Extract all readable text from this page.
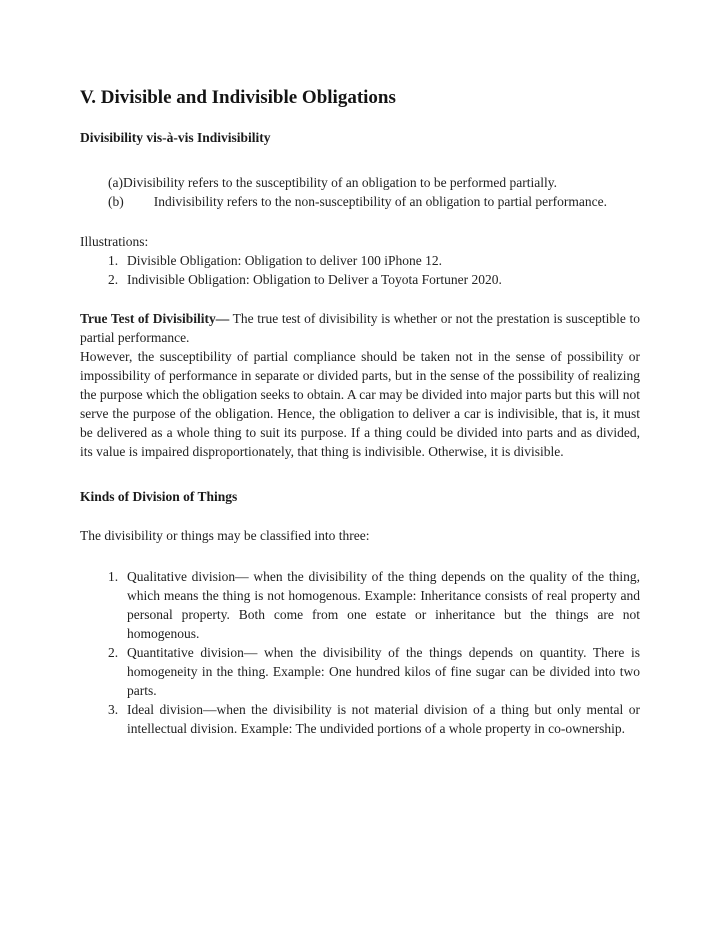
V. Divisible and Indivisible Obligations
Divisibility vis-à-vis Indivisibility
(a)Divisibility refers to the susceptibility of an obligation to be performed partially.
(b) Indivisibility refers to the non-susceptibility of an obligation to partial performance.

Illustrations:

1. Divisible Obligation: Obligation to deliver 100 iPhone 12.
2. Indivisible Obligation: Obligation to Deliver a Toyota Fortuner 2020.

True Test of Divisibility— The true test of divisibility is whether or not the prestation is susceptible to partial performance.

However, the susceptibility of partial compliance should be taken not in the sense of possibility or impossibility of performance in separate or divided parts, but in the sense of the possibility of realizing the purpose which the obligation seeks to obtain. A car may be divided into major parts but this will not serve the purpose of the obligation. Hence, the obligation to deliver a car is indivisible, that is, it must be delivered as a whole thing to suit its purpose. If a thing could be divided into parts and as divided, its value is impaired disproportionately, that thing is indivisible. Otherwise, it is divisible.

Kinds of Division of Things

The divisibility or things may be classified into three:

1. Qualitative division— when the divisibility of the thing depends on the quality of the thing, which means the thing is not homogenous. Example: Inheritance consists of real property and personal property. Both come from one estate or inheritance but the things are not homogenous.
2. Quantitative division— when the divisibility of the things depends on quantity. There is homogeneity in the thing. Example: One hundred kilos of fine sugar can be divided into two parts.
3. Ideal division—when the divisibility is not material division of a thing but only mental or intellectual division. Example: The undivided portions of a whole property in co-ownership.
